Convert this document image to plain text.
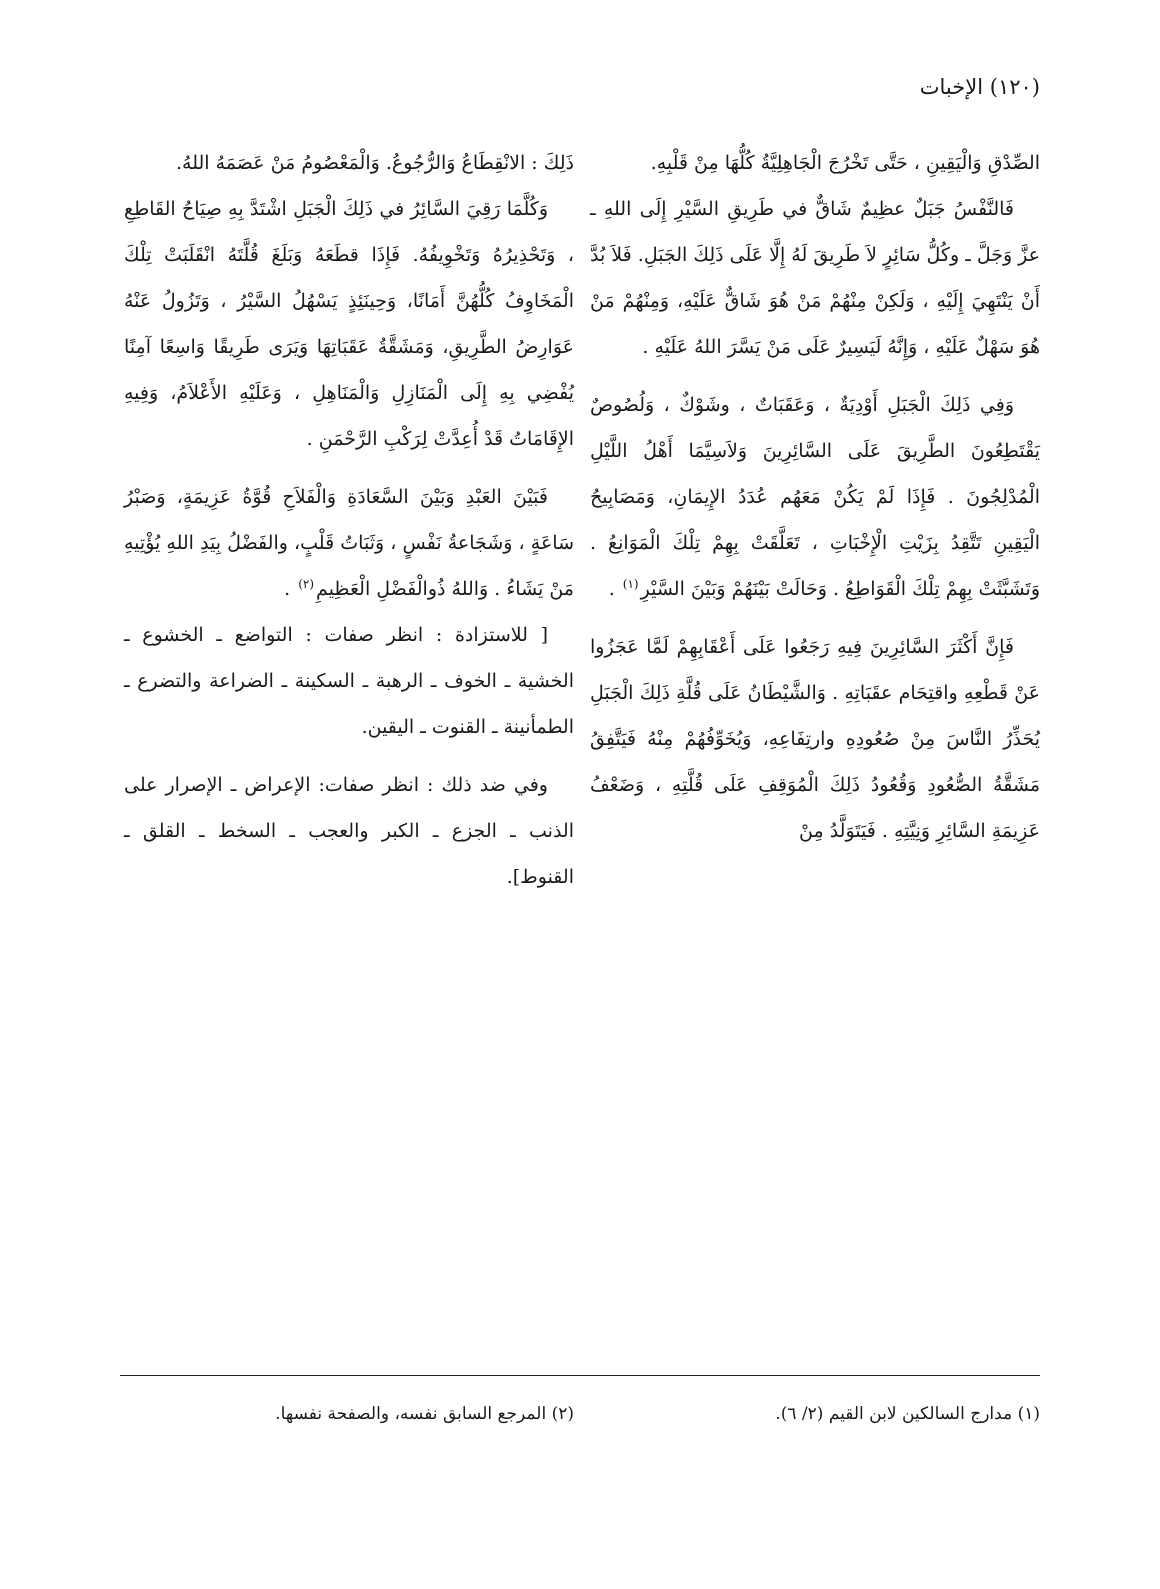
(١٢٠) الإخبات

الصِّدْقِ وَالْيَقِينِ ، حَتَّى تَخْرُجَ الْجَاهِلِيَّةُ كُلُّهَا مِنْ قَلْبِهِ.

فَالنَّفْسُ جَبَلٌ عظِيمٌ شَاقٌّ في طَرِيقِ السَّيْرِ إِلَى اللهِ ـ عزَّ وَجَلَّ ـ وكُلُّ سَائِرٍ لاَ طَرِيقَ لَهُ إِلَّا عَلَى ذَلِكَ الجَبَلِ. فَلاَ بُدَّ أَنْ يَنْتَهِيَ إِلَيْهِ ، وَلَكِنْ مِنْهُمْ مَنْ هُوَ شَاقٌّ عَلَيْهِ، وَمِنْهُمْ مَنْ هُوَ سَهْلٌ عَلَيْهِ ، وَإِنَّهُ لَيَسِيرٌ عَلَى مَنْ يَسَّرَ اللهُ عَلَيْهِ .

وَفِي ذَلِكَ الْجَبَلِ أَوْدِيَةٌ ، وَعَقَبَاتٌ ، وشَوْكٌ ، وَلُصُوصٌ يَقْتَطِعُونَ الطَّرِيقَ عَلَى السَّائِرِينَ وَلاَسِيَّمَا أَهْلُ اللَّيْلِ الْمُدْلِجُونَ . فَإِذَا لَمْ يَكُنْ مَعَهُم عُدَدُ الإِيمَانِ، وَمَصَابِيحُ الْيَقِينِ تَتَّقِدُ بِزَيْتِ الْإِخْبَاتِ ، تَعَلَّقَتْ بِهِمْ تِلْكَ الْمَوَانِعُ . وَتَشَبَّثَتْ بِهِمْ تِلْكَ الْقَوَاطِعُ . وَحَالَتْ بَيْنَهُمْ وَبَيْنَ السَّيْرِ$^{(١)}$ .

فَإِنَّ أَكْثَرَ السَّائِرِينَ فِيهِ رَجَعُوا عَلَى أَعْقَابِهِمْ لَمَّا عَجَزُوا عَنْ قَطْعِهِ واقتِحَام عقَبَاتِهِ . وَالشَّيْطَانُ عَلَى قُلَّةِ ذَلِكَ الْجَبَلِ يُحَذِّرُ النَّاسَ مِنْ صُعُودِهِ وارتِفَاعِهِ، وَيُخَوِّفُهُمْ مِنْهُ فَيَتَّفِقُ مَشَقَّةُ الصُّعُودِ وَقُعُودُ ذَلِكَ الْمُوَقِفِ عَلَى قُلَّتِهِ ، وَضَعْفُ عَزِيمَةِ السَّائِرِ وَنِيَّتِهِ . فَيَتَوَلَّدُ مِنْ

ذَلِكَ : الانْقِطَاعُ وَالرُّجُوعُ. وَالْمَعْصُومُ مَنْ عَصَمَهُ اللهُ.

وَكُلَّمَا رَقِيَ السَّائِرُ في ذَلِكَ الْجَبَلِ اشْتَدَّ بِهِ صِيَاحُ القَاطِعِ ، وَتَحْذِيرُهُ وَتَخْوِيفُهُ. فَإِذَا قطَعَهُ وَبَلَغَ قُلَّتَهُ انْقَلَبَتْ تِلْكَ الْمَخَاوِفُ كُلُّهُنَّ أَمَانًا، وَحِينَئِذٍ يَسْهُلُ السَّيْرُ ، وَتَزُولُ عَنْهُ عَوَارِضُ الطَّرِيقِ، وَمَشَقَّةُ عَقَبَاتِهَا وَيَرَى طَرِيقًا وَاسِعًا آمِنًا يُفْضِي بِهِ إِلَى الْمَنَازِلِ وَالْمَنَاهِلِ ، وَعَلَيْهِ الأَعْلاَمُ، وَفِيهِ الإِقَامَاتُ قَدْ أُعِدَّتْ لِرَكْبِ الرَّحْمَنِ .

فَبَيْنَ العَبْدِ وَبَيْنَ السَّعَادَةِ وَالْفَلاَحِ قُوَّةُ عَزِيمَةٍ، وَصَبْرُ سَاعَةٍ ، وَشَجَاعةُ نَفْسٍ ، وَثَبَاتُ قَلْبٍ، والفَضْلُ بِيَدِ اللهِ يُؤْتِيهِ مَنْ يَشَاءُ . وَاللهُ ذُوالْفَضْلِ الْعَظِيمِ$^{(٢)}$ .

[ للاستزادة : انظر صفات : التواضع ـ الخشوع ـ الخشية ـ الخوف ـ الرهبة ـ السكينة ـ الضراعة والتضرع ـ الطمأنينة ـ القنوت ـ اليقين.

وفي ضد ذلك : انظر صفات: الإعراض ـ الإصرار على الذنب ـ الجزع ـ الكبر والعجب ـ السخط ـ القلق ـ القنوط].

(١) مدارج السالكين لابن القيم (٢/ ٦).
(٢) المرجع السابق نفسه، والصفحة نفسها.
